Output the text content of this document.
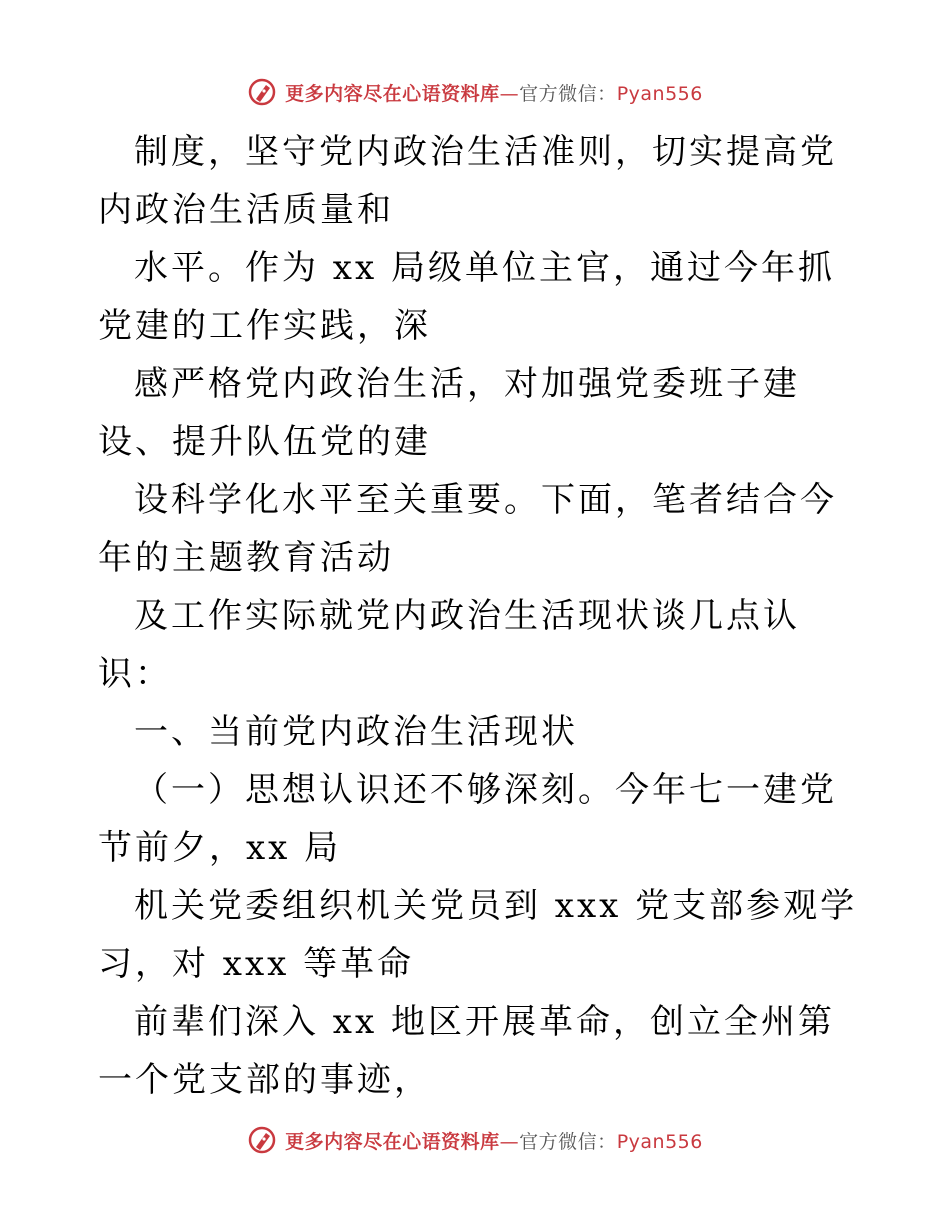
更多内容尽在心语资料库—官方微信：Pyan556

制度，坚守党内政治生活准则，切实提高党内政治生活质量和

水平。作为 xx 局级单位主官，通过今年抓党建的工作实践，深

感严格党内政治生活，对加强党委班子建设、提升队伍党的建

设科学化水平至关重要。下面，笔者结合今年的主题教育活动

及工作实际就党内政治生活现状谈几点认识：

一、当前党内政治生活现状

（一）思想认识还不够深刻。今年七一建党节前夕，xx 局

机关党委组织机关党员到 xxx 党支部参观学习，对 xxx 等革命

前辈们深入 xx 地区开展革命，创立全州第一个党支部的事迹，

更多内容尽在心语资料库—官方微信：Pyan556
